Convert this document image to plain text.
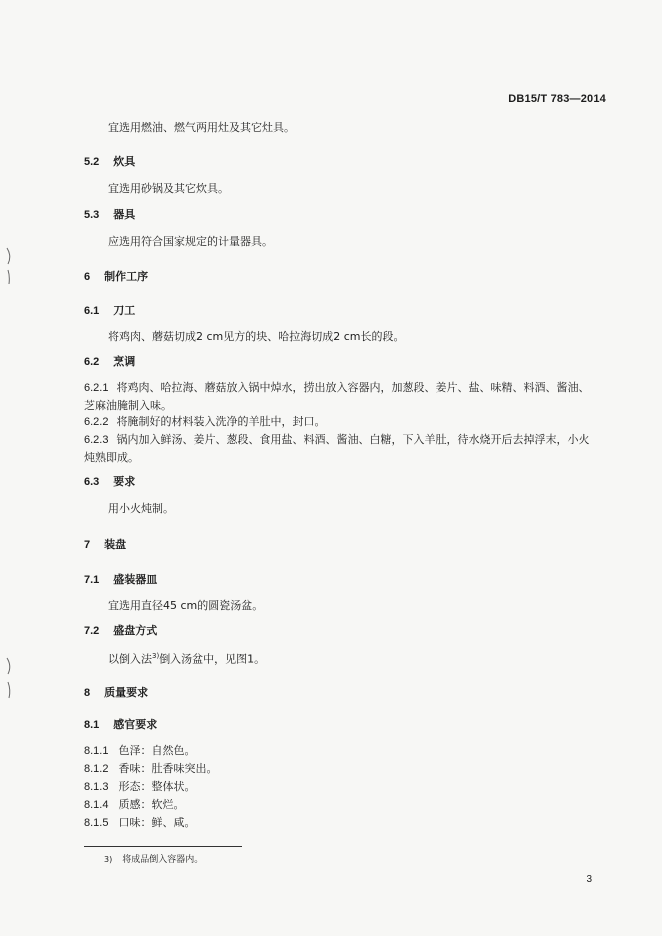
DB15/T 783—2014
宜选用燃油、燃气两用灶及其它灶具。
5.2 炊具
宜选用砂锅及其它炊具。
5.3 器具
应选用符合国家规定的计量器具。
6 制作工序
6.1 刀工
将鸡肉、蘑菇切成2 cm见方的块、哈拉海切成2 cm长的段。
6.2 烹调
6.2.1 将鸡肉、哈拉海、蘑菇放入锅中焯水，捞出放入容器内，加葱段、姜片、盐、味精、料酒、酱油、芝麻油腌制入味。
6.2.2 将腌制好的材料装入洗净的羊肚中，封口。
6.2.3 锅内加入鲜汤、姜片、葱段、食用盐、料酒、酱油、白糖，下入羊肚，待水烧开后去掉浮末，小火炖熟即成。
6.3 要求
用小火炖制。
7 装盘
7.1 盛装器皿
宜选用直径45 cm的圆瓷汤盆。
7.2 盛盘方式
以倒入法$^{3)}$倒入汤盆中，见图1。
8 质量要求
8.1 感官要求
8.1.1 色泽：自然色。
8.1.2 香味：肚香味突出。
8.1.3 形态：整体状。
8.1.4 质感：软烂。
8.1.5 口味：鲜、咸。
3) 将成品倒入容器内。
3
